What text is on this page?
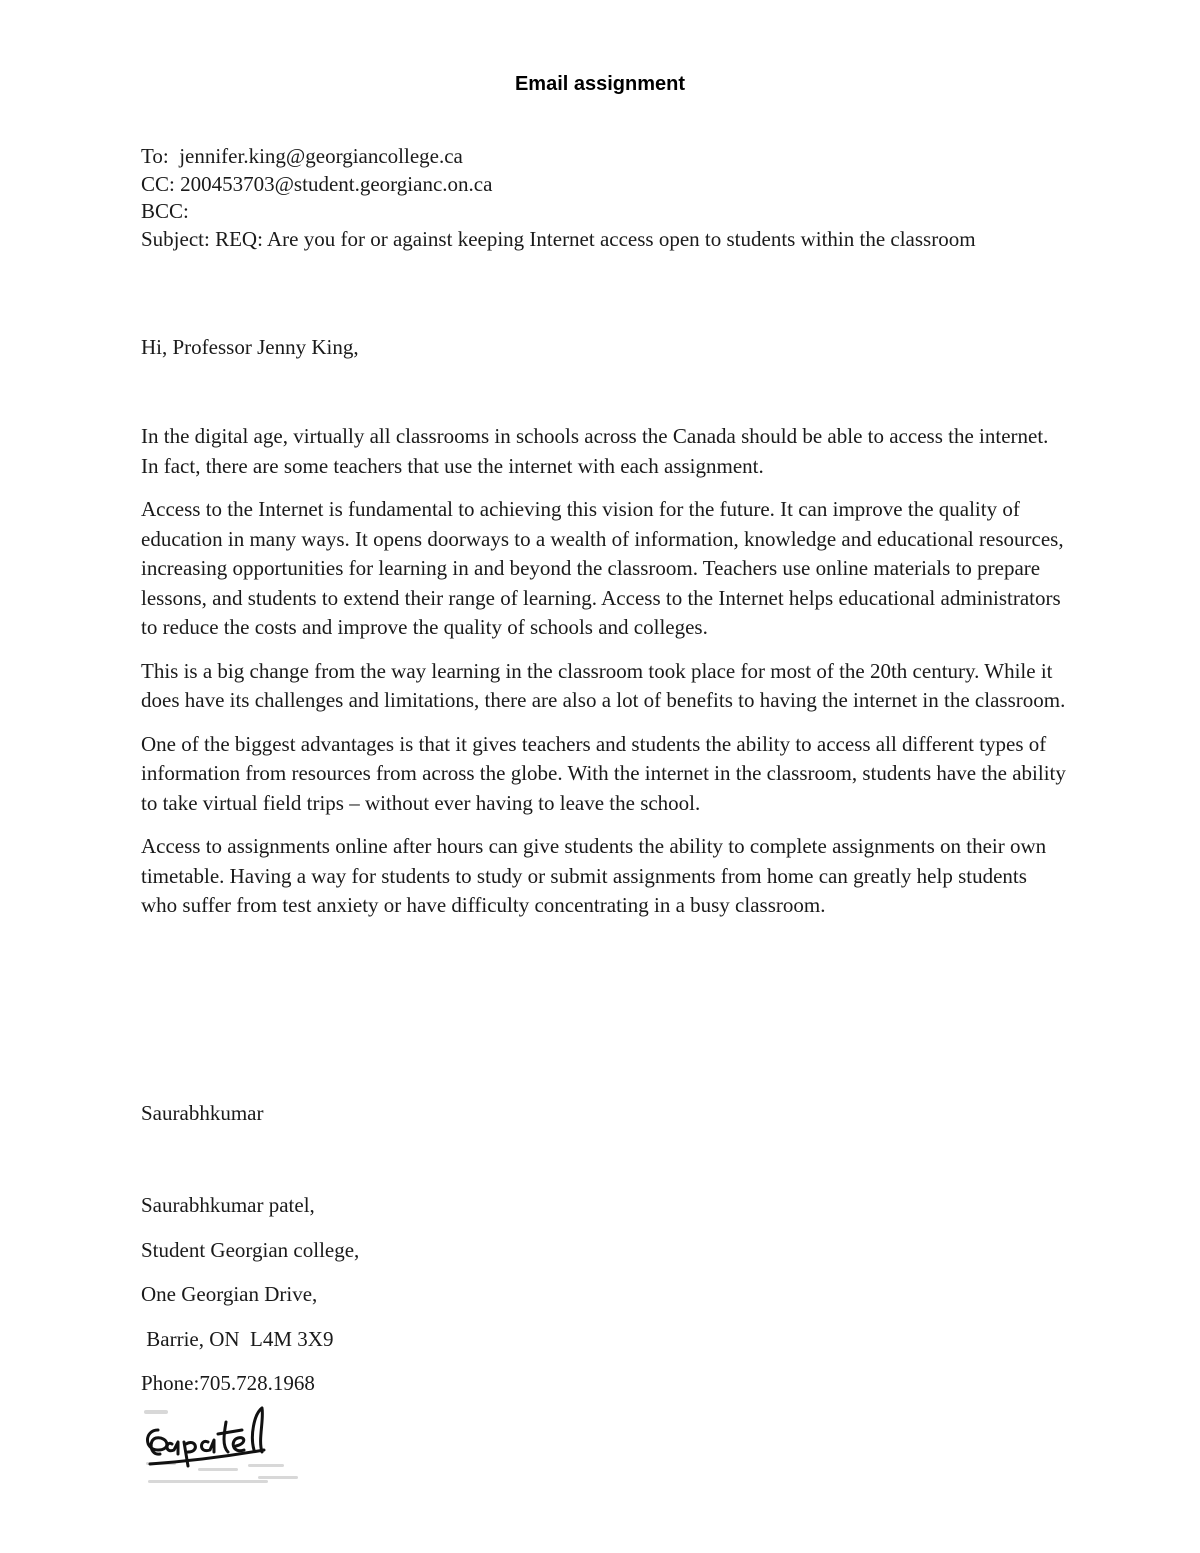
Email assignment
To:  jennifer.king@georgiancollege.ca
CC: 200453703@student.georgianc.on.ca
BCC:
Subject: REQ: Are you for or against keeping Internet access open to students within the classroom
Hi, Professor Jenny King,

In the digital age, virtually all classrooms in schools across the Canada should be able to access the internet. In fact, there are some teachers that use the internet with each assignment.

Access to the Internet is fundamental to achieving this vision for the future. It can improve the quality of education in many ways. It opens doorways to a wealth of information, knowledge and educational resources, increasing opportunities for learning in and beyond the classroom. Teachers use online materials to prepare lessons, and students to extend their range of learning. Access to the Internet helps educational administrators to reduce the costs and improve the quality of schools and colleges.

This is a big change from the way learning in the classroom took place for most of the 20th century. While it does have its challenges and limitations, there are also a lot of benefits to having the internet in the classroom.

One of the biggest advantages is that it gives teachers and students the ability to access all different types of information from resources from across the globe. With the internet in the classroom, students have the ability to take virtual field trips – without ever having to leave the school.

Access to assignments online after hours can give students the ability to complete assignments on their own timetable. Having a way for students to study or submit assignments from home can greatly help students who suffer from test anxiety or have difficulty concentrating in a busy classroom.

Saurabhkumar
Saurabhkumar patel,
Student Georgian college,
One Georgian Drive,
Barrie, ON  L4M 3X9
Phone:705.728.1968
